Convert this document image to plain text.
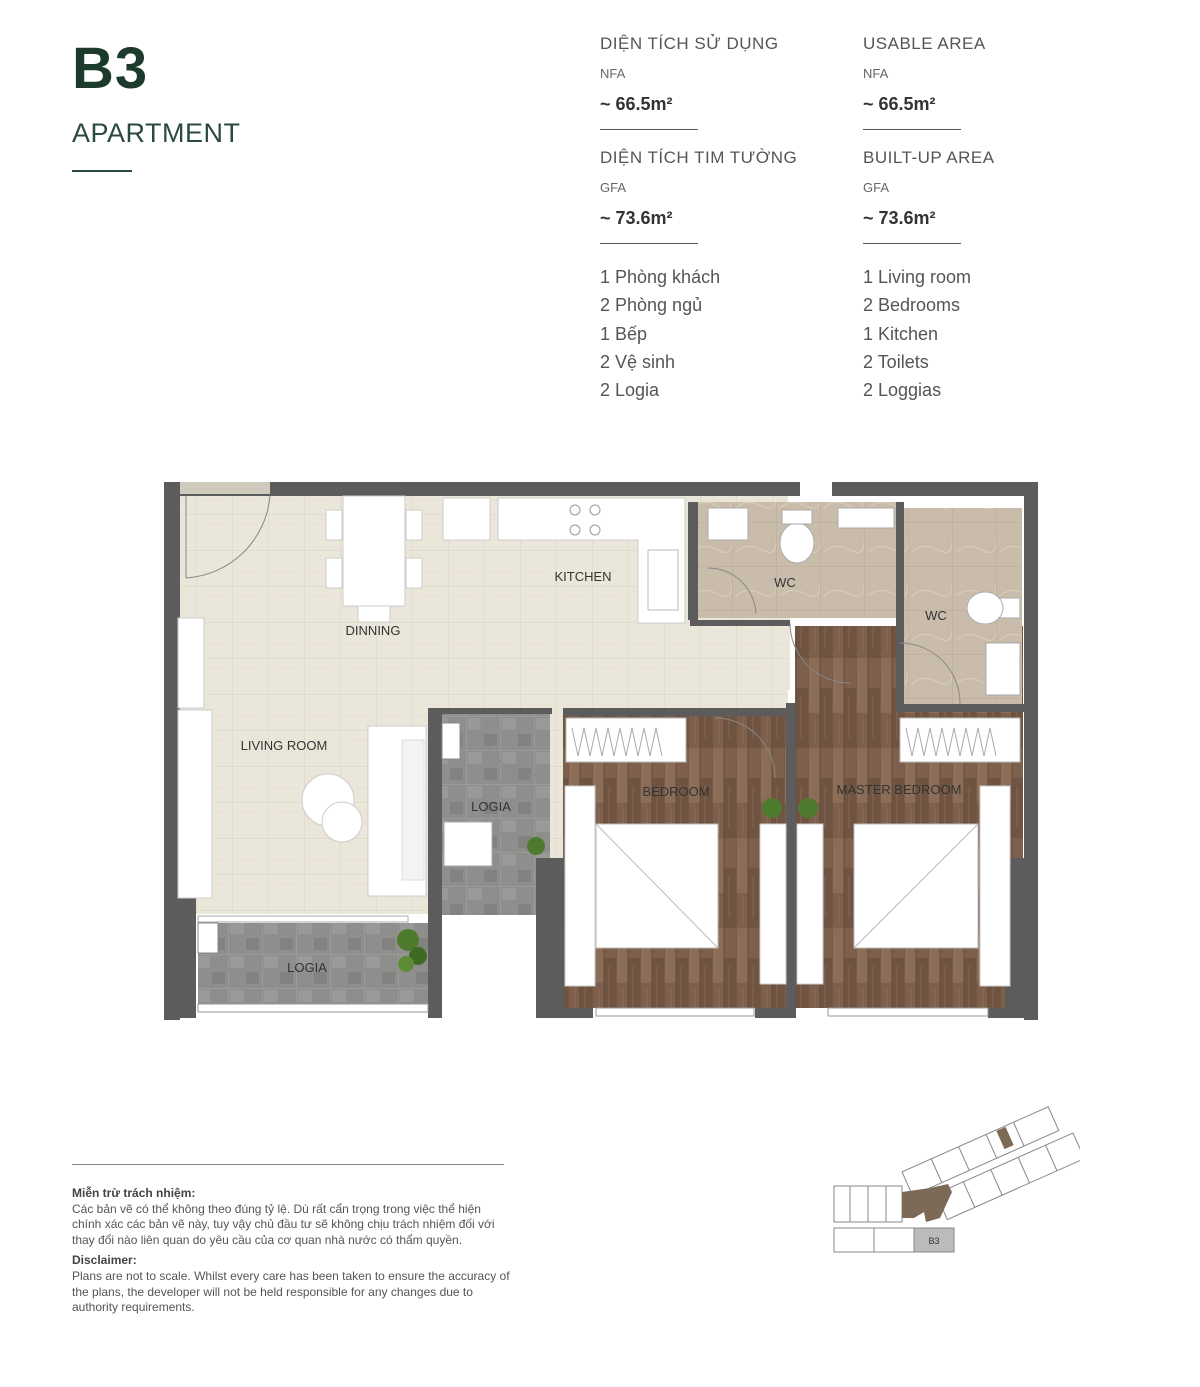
B3
APARTMENT
DIỆN TÍCH SỬ DỤNG
NFA
~ 66.5m²
DIỆN TÍCH TIM TƯỜNG
GFA
~ 73.6m²
1 Phòng khách
2 Phòng ngủ
1 Bếp
2 Vệ sinh
2 Logia
USABLE AREA
NFA
~ 66.5m²
BUILT-UP AREA
GFA
~ 73.6m²
1 Living room
2 Bedrooms
1 Kitchen
2 Toilets
2 Loggias
KITCHEN
DINNING
LIVING ROOM
LOGIA
LOGIA
WC
WC
BEDROOM	MASTER BEDROOM
Miễn trừ trách nhiệm:
Các bản vẽ có thể không theo đúng tỷ lệ. Dù rất cẩn trọng trong việc thể hiện chính xác các bản vẽ này, tuy vậy chủ đầu tư sẽ không chịu trách nhiệm đối với thay đổi nào liên quan do yêu cầu của cơ quan nhà nước có thẩm quyền.
Disclaimer:
Plans are not to scale. Whilst every care has been taken to ensure the accuracy of the plans, the developer will not be held responsible for any changes due to authority requirements.
B3
